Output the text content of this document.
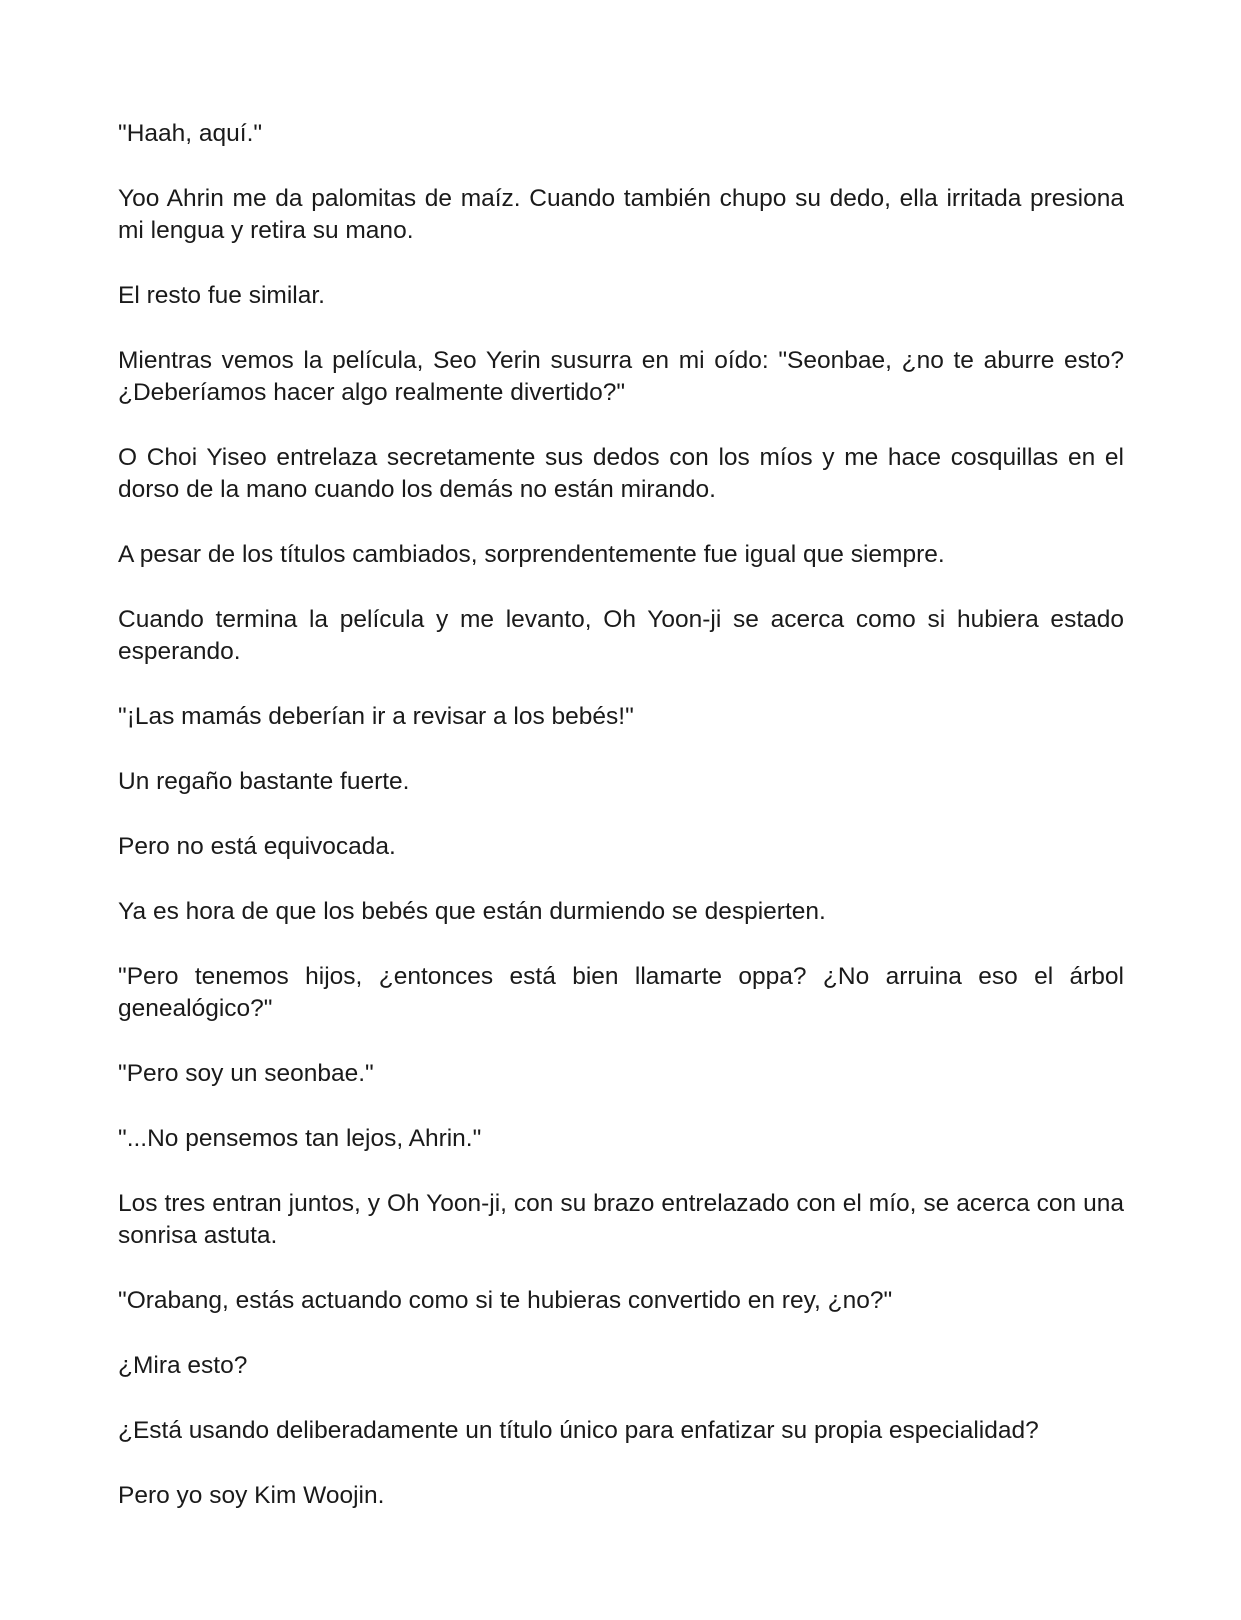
"Haah, aquí."

Yoo Ahrin me da palomitas de maíz. Cuando también chupo su dedo, ella irritada presiona mi lengua y retira su mano.

El resto fue similar.

Mientras vemos la película, Seo Yerin susurra en mi oído: "Seonbae, ¿no te aburre esto? ¿Deberíamos hacer algo realmente divertido?"

O Choi Yiseo entrelaza secretamente sus dedos con los míos y me hace cosquillas en el dorso de la mano cuando los demás no están mirando.

A pesar de los títulos cambiados, sorprendentemente fue igual que siempre.

Cuando termina la película y me levanto, Oh Yoon-ji se acerca como si hubiera estado esperando.

"¡Las mamás deberían ir a revisar a los bebés!"

Un regaño bastante fuerte.

Pero no está equivocada.

Ya es hora de que los bebés que están durmiendo se despierten.

"Pero tenemos hijos, ¿entonces está bien llamarte oppa? ¿No arruina eso el árbol genealógico?"

"Pero soy un seonbae."

"...No pensemos tan lejos, Ahrin."

Los tres entran juntos, y Oh Yoon-ji, con su brazo entrelazado con el mío, se acerca con una sonrisa astuta.

"Orabang, estás actuando como si te hubieras convertido en rey, ¿no?"

¿Mira esto?

¿Está usando deliberadamente un título único para enfatizar su propia especialidad?

Pero yo soy Kim Woojin.
